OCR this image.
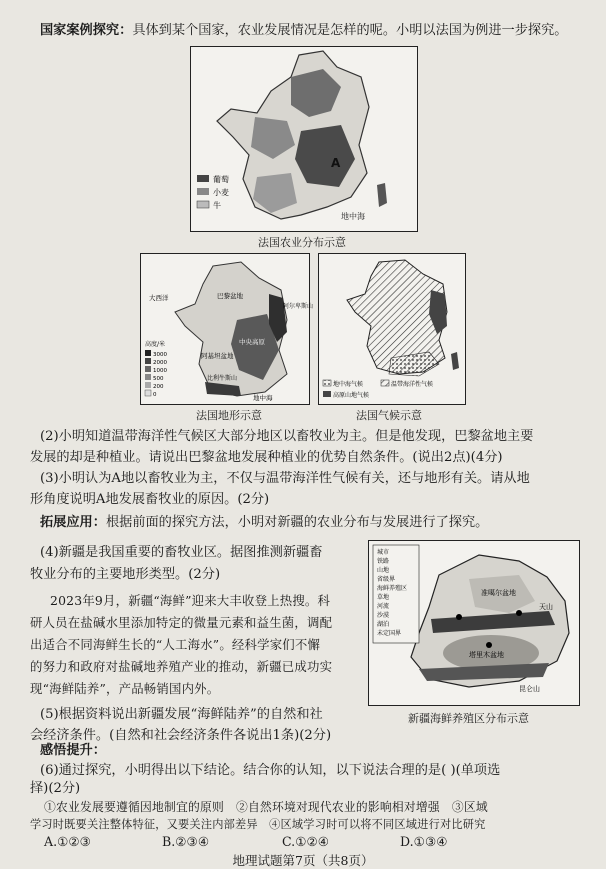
国家案例探究：具体到某个国家，农业发展情况是怎样的呢。小明以法国为例进一步探究。
A
地中海
葡萄
小麦
牛
法国农业分布示意
巴黎盆地
阿基坦盆地
中央高原
比利牛斯山
阿尔卑斯山
地中海
大西洋
高度/米
3000
2000
1000
500
200
0
法国地形示意
地中海气候	温带海洋性气候
高原山地气候
法国气候示意
(2)小明知道温带海洋性气候区大部分地区以畜牧业为主。但是他发现，巴黎盆地主要
发展的却是种植业。请说出巴黎盆地发展种植业的优势自然条件。(说出2点)(4分)
(3)小明认为A地以畜牧业为主，不仅与温带海洋性气候有关，还与地形有关。请从地
形角度说明A地发展畜牧业的原因。(2分)
拓展应用：根据前面的探究方法，小明对新疆的农业分布与发展进行了探究。
(4)新疆是我国重要的畜牧业区。据图推测新疆畜
牧业分布的主要地形类型。(2分)
2023年9月，新疆“海鲜”迎来大丰收登上热搜。科
研人员在盐碱水里添加特定的微量元素和益生菌，调配
出适合不同海鲜生长的“人工海水”。经科学家们不懈
的努力和政府对盐碱地养殖产业的推动，新疆已成功实
现“海鲜陆养”，产品畅销国内外。
(5)根据资料说出新疆发展“海鲜陆养”的自然和社
会经济条件。(自然和社会经济条件各说出1条)(2分)
准噶尔盆地
天山
塔里木盆地
昆仑山
城市
铁路
山地
省级界
海鲜养殖区
草地
河流
沙漠
湖泊
未定国界
新疆海鲜养殖区分布示意
感悟提升：
(6)通过探究，小明得出以下结论。结合你的认知，以下说法合理的是( )(单项选
择)(2分)
①农业发展要遵循因地制宜的原则　②自然环境对现代农业的影响相对增强　③区域
学习时既要关注整体特征，又要关注内部差异　④区域学习时可以将不同区域进行对比研究
A.①②③	B.②③④	C.①②④	D.①③④
地理试题第7页（共8页）
